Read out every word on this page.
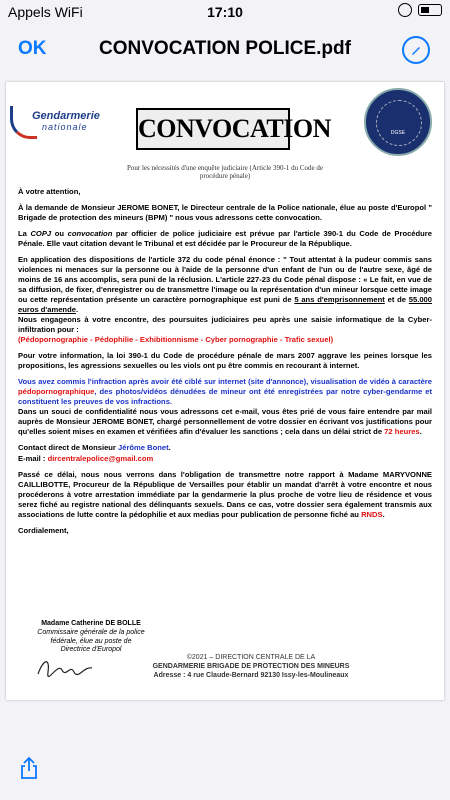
Appels WiFi	17:10
OK	CONVOCATION POLICE.pdf
Gendarmerie
nationale CONVOCATION	DGSE
Pour les nécessités d'une enquête judiciaire (Article 390-1 du Code de procédure pénale)

À votre attention,

À la demande de Monsieur JEROME BONET, le Directeur centrale de la Police nationale, élue au poste d'Europol " Brigade de protection des mineurs (BPM) " nous vous adressons cette convocation.

La COPJ ou convocation par officier de police judiciaire est prévue par l'article 390-1 du Code de Procédure Pénale. Elle vaut citation devant le Tribunal et est décidée par le Procureur de la République.

En application des dispositions de l'article 372 du code pénal énonce : " Tout attentat à la pudeur commis sans violences ni menaces sur la personne ou à l'aide de la personne d'un enfant de l'un ou de l'autre sexe, âgé de moins de 16 ans accomplis, sera puni de la réclusion. L'article 227-23 du Code pénal dispose : « Le fait, en vue de sa diffusion, de fixer, d'enregistrer ou de transmettre l'image ou la représentation d'un mineur lorsque cette image ou cette représentation présente un caractère pornographique est puni de 5 ans d'emprisonnement et de 55.000 euros d'amende.
Nous engageons à votre encontre, des poursuites judiciaires peu après une saisie informatique de la Cyber-infiltration pour :
(Pédopornographie - Pédophilie - Exhibitionnisme - Cyber pornographie - Trafic sexuel)

Pour votre information, la loi 390-1 du Code de procédure pénale de mars 2007 aggrave les peines lorsque les propositions, les agressions sexuelles ou les viols ont pu être commis en recourant à internet.

Vous avez commis l'infraction après avoir été ciblé sur internet (site d'annonce), visualisation de vidéo à caractère pédopornographique, des photos/vidéos dénudées de mineur ont été enregistrées par notre cyber-gendarme et constituent les preuves de vos infractions.
Dans un souci de confidentialité nous vous adressons cet e-mail, vous êtes prié de vous faire entendre par mail auprès de Monsieur JEROME BONET, chargé personnellement de votre dossier en écrivant vos justifications pour qu'elles soient mises en examen et vérifiées afin d'évaluer les sanctions ; cela dans un délai strict de 72 heures.

Contact direct de Monsieur Jérôme Bonet.

E-mail : dircentralepolice@gmail.com

Passé ce délai, nous nous verrons dans l'obligation de transmettre notre rapport à Madame MARYVONNE CAILLIBOTTE, Procureur de la République de Versailles pour établir un mandat d'arrêt à votre encontre et nous procéderons à votre arrestation immédiate par la gendarmerie la plus proche de votre lieu de résidence et vous serez fiché au registre national des délinquants sexuels. Dans ce cas, votre dossier sera également transmis aux associations de lutte contre la pédophilie et aux medias pour publication de personne fiché au RNDS.

Cordialement,

Madame Catherine DE BOLLE
Commissaire générale de la police fédérale, élue au poste de Directrice d'Europol
©2021 – DIRECTION CENTRALE DE LA
GENDARMERIE BRIGADE DE PROTECTION DES MINEURS
Adresse : 4 rue Claude-Bernard 92130 Issy-les-Moulineaux
